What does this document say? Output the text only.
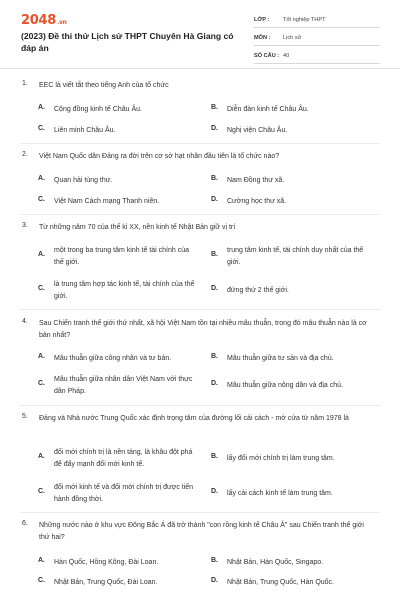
2048.vn
(2023) Đề thi thử Lịch sử THPT Chuyên Hà Giang có đáp án
LỚP :	Tốt nghiệp THPT
MÔN :	Lịch sử
SỐ CÂU : 40
1. EEC là viết tắt theo tiếng Anh của tổ chức
A. Cộng đồng kinh tế Châu Âu.	B. Diễn đàn kinh tế Châu Âu.
C. Liên minh Châu Âu.	D. Nghị viện Châu Âu.
2. Việt Nam Quốc dân Đảng ra đời trên cơ sở hạt nhân đầu tiên là tổ chức nào?
A. Quan hải tùng thư.	B. Nam Đồng thư xã.
C. Việt Nam Cách mạng Thanh niên.	D. Cường học thư xã.
3. Từ những năm 70 của thế kỉ XX, nền kinh tế Nhật Bản giữ vị trí
A.
một trong ba trung tâm kinh tế tài chính của thế giới.
B.
trung tâm kinh tế, tài chính duy nhất của thế giới.
C.
là trung tâm hợp tác kinh tế, tài chính của thế giới.
D. đứng thứ 2 thế giới.
4. Sau Chiến tranh thế giới thứ nhất, xã hội Việt Nam tồn tại nhiều mâu thuẫn, trong đó mâu thuẫn nào là cơ bản nhất?
A. Mâu thuẫn giữa công nhân và tư bản.	B. Mâu thuẫn giữa tư sản và địa chủ.
C.
Mâu thuẫn giữa nhân dân Việt Nam với thực dân Pháp.
D. Mâu thuẫn giữa nông dân và địa chủ.
5. Đảng và Nhà nước Trung Quốc xác định trọng tâm của đường lối cải cách - mở cửa từ năm 1978 là
A.
đổi mới chính trị là nền tảng, là khâu đột phá để đẩy mạnh đổi mới kinh tế.
B. lấy đổi mới chính trị làm trung tâm.
C.
đổi mới kinh tế và đổi mới chính trị được tiến hành đồng thời.
D. lấy cải cách kinh tế làm trung tâm.
6. Những nước nào ở khu vực Đông Bắc Á đã trở thành "con rồng kinh tế Châu Á" sau Chiến tranh thế giới thứ hai?
A. Hàn Quốc, Hồng Kông, Đài Loan.	B. Nhật Bản, Hàn Quốc, Singapo.
C. Nhật Bản, Trung Quốc, Đài Loan.	D. Nhật Bản, Trung Quốc, Hàn Quốc.
